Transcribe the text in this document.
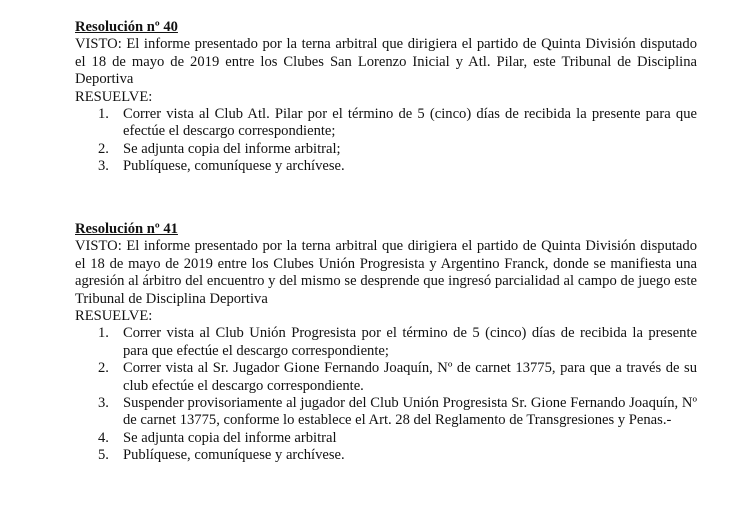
Resolución nº 40

VISTO: El informe presentado por la terna arbitral que dirigiera el partido de Quinta División disputado el 18 de mayo de 2019 entre los Clubes San Lorenzo Inicial y Atl. Pilar, este Tribunal de Disciplina Deportiva

RESUELVE:

1. Correr vista al Club Atl. Pilar por el término de 5 (cinco) días de recibida la presente para que efectúe el descargo correspondiente;
2. Se adjunta copia del informe arbitral;
3. Publíquese, comuníquese y archívese.

Resolución nº 41

VISTO: El informe presentado por la terna arbitral que dirigiera el partido de Quinta División disputado el 18 de mayo de 2019 entre los Clubes Unión Progresista y Argentino Franck, donde se manifiesta una agresión al árbitro del encuentro y del mismo se desprende que ingresó parcialidad al campo de juego este Tribunal de Disciplina Deportiva

RESUELVE:

1. Correr vista al Club Unión Progresista por el término de 5 (cinco) días de recibida la presente para que efectúe el descargo correspondiente;
2. Correr vista al Sr. Jugador Gione Fernando Joaquín, Nº de carnet 13775, para que a través de su club efectúe el descargo correspondiente.
3. Suspender provisoriamente al jugador del Club Unión Progresista Sr. Gione Fernando Joaquín, Nº de carnet 13775, conforme lo establece el Art. 28 del Reglamento de Transgresiones y Penas.-
4. Se adjunta copia del informe arbitral
5. Publíquese, comuníquese y archívese.
